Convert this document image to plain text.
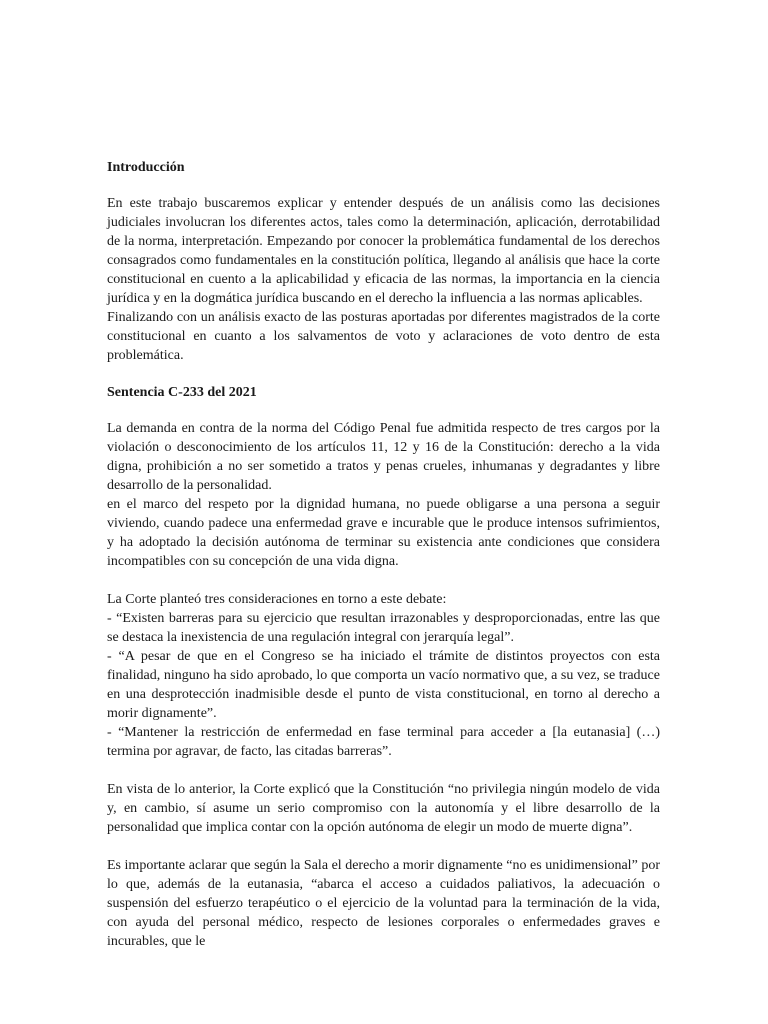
Introducción

En este trabajo buscaremos explicar y entender después de un análisis como las decisiones judiciales involucran los diferentes actos, tales como la determinación, aplicación, derrotabilidad de la norma, interpretación. Empezando por conocer la problemática fundamental de los derechos consagrados como fundamentales en la constitución política, llegando al análisis que hace la corte constitucional en cuento a la aplicabilidad y eficacia de las normas, la importancia en la ciencia jurídica y en la dogmática jurídica buscando en el derecho la influencia a las normas aplicables.

Finalizando con un análisis exacto de las posturas aportadas por diferentes magistrados de la corte constitucional en cuanto a los salvamentos de voto y aclaraciones de voto dentro de esta problemática.

Sentencia C-233 del 2021

La demanda en contra de la norma del Código Penal fue admitida respecto de tres cargos por la violación o desconocimiento de los artículos 11, 12 y 16 de la Constitución: derecho a la vida digna, prohibición a no ser sometido a tratos y penas crueles, inhumanas y degradantes y libre desarrollo de la personalidad.

en el marco del respeto por la dignidad humana, no puede obligarse a una persona a seguir viviendo, cuando padece una enfermedad grave e incurable que le produce intensos sufrimientos, y ha adoptado la decisión autónoma de terminar su existencia ante condiciones que considera incompatibles con su concepción de una vida digna.

La Corte planteó tres consideraciones en torno a este debate:

- “Existen barreras para su ejercicio que resultan irrazonables y desproporcionadas, entre las que se destaca la inexistencia de una regulación integral con jerarquía legal”.

- “A pesar de que en el Congreso se ha iniciado el trámite de distintos proyectos con esta finalidad, ninguno ha sido aprobado, lo que comporta un vacío normativo que, a su vez, se traduce en una desprotección inadmisible desde el punto de vista constitucional, en torno al derecho a morir dignamente”.

- “Mantener la restricción de enfermedad en fase terminal para acceder a [la eutanasia] (…) termina por agravar, de facto, las citadas barreras”.

En vista de lo anterior, la Corte explicó que la Constitución “no privilegia ningún modelo de vida y, en cambio, sí asume un serio compromiso con la autonomía y el libre desarrollo de la personalidad que implica contar con la opción autónoma de elegir un modo de muerte digna”.

Es importante aclarar que según la Sala el derecho a morir dignamente “no es unidimensional” por lo que, además de la eutanasia, “abarca el acceso a cuidados paliativos, la adecuación o suspensión del esfuerzo terapéutico o el ejercicio de la voluntad para la terminación de la vida, con ayuda del personal médico, respecto de lesiones corporales o enfermedades graves e incurables, que le
